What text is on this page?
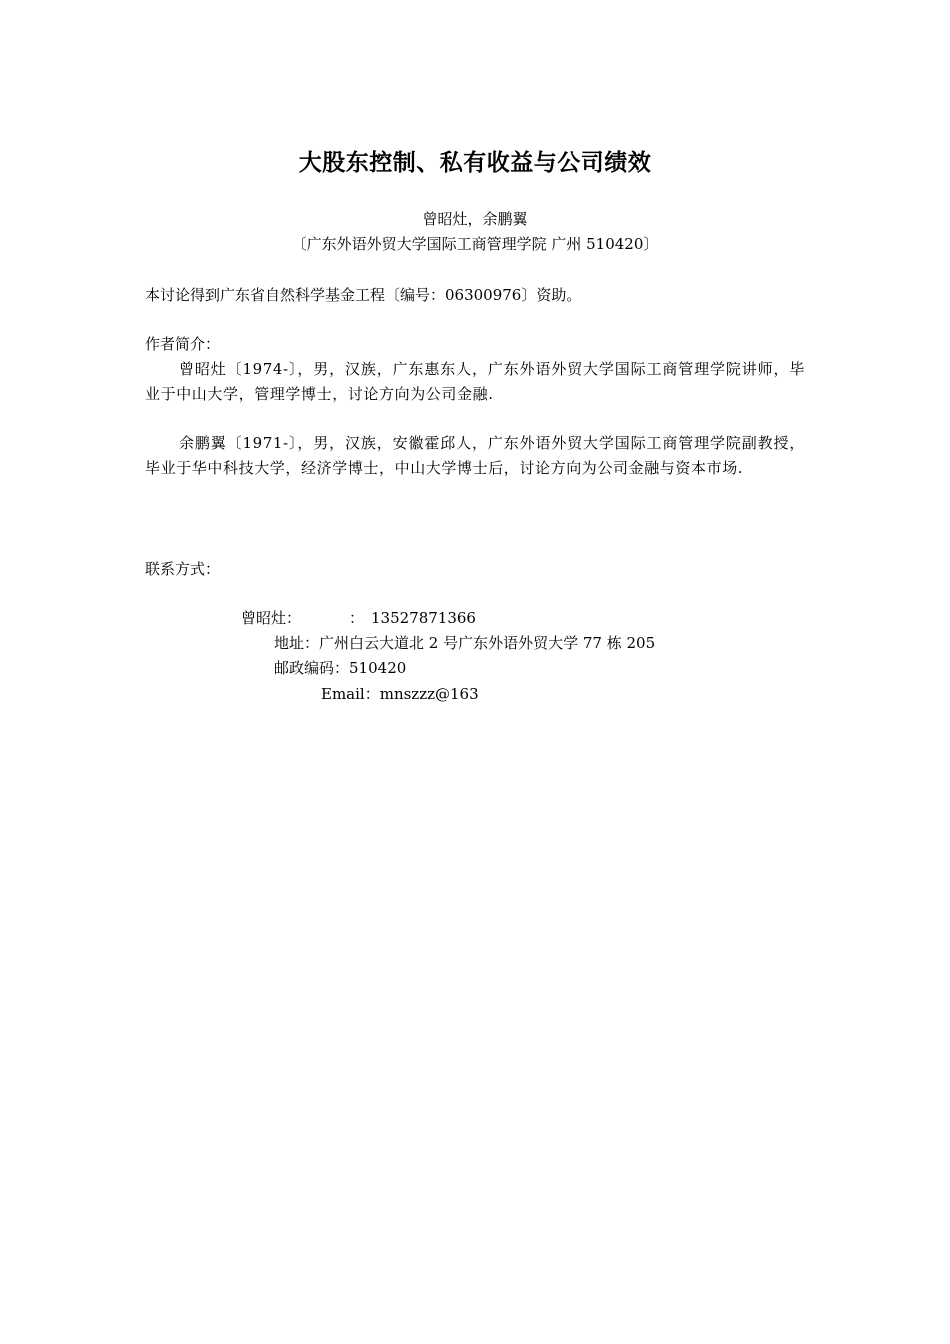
大股东控制、私有收益与公司绩效
曾昭灶，余鹏翼
〔广东外语外贸大学国际工商管理学院 广州 510420〕
本讨论得到广东省自然科学基金工程〔编号：06300976〕资助。
作者简介：
曾昭灶〔1974-〕，男，汉族，广东惠东人，广东外语外贸大学国际工商管理学院讲师，毕业于中山大学，管理学博士，讨论方向为公司金融.
余鹏翼〔1971-〕，男，汉族，安徽霍邱人，广东外语外贸大学国际工商管理学院副教授，毕业于华中科技大学，经济学博士，中山大学博士后，讨论方向为公司金融与资本市场.
联系方式：
曾昭灶：	： 13527871366
地址：广州白云大道北 2 号广东外语外贸大学 77 栋 205
邮政编码：510420
Email：mnszzz@163
